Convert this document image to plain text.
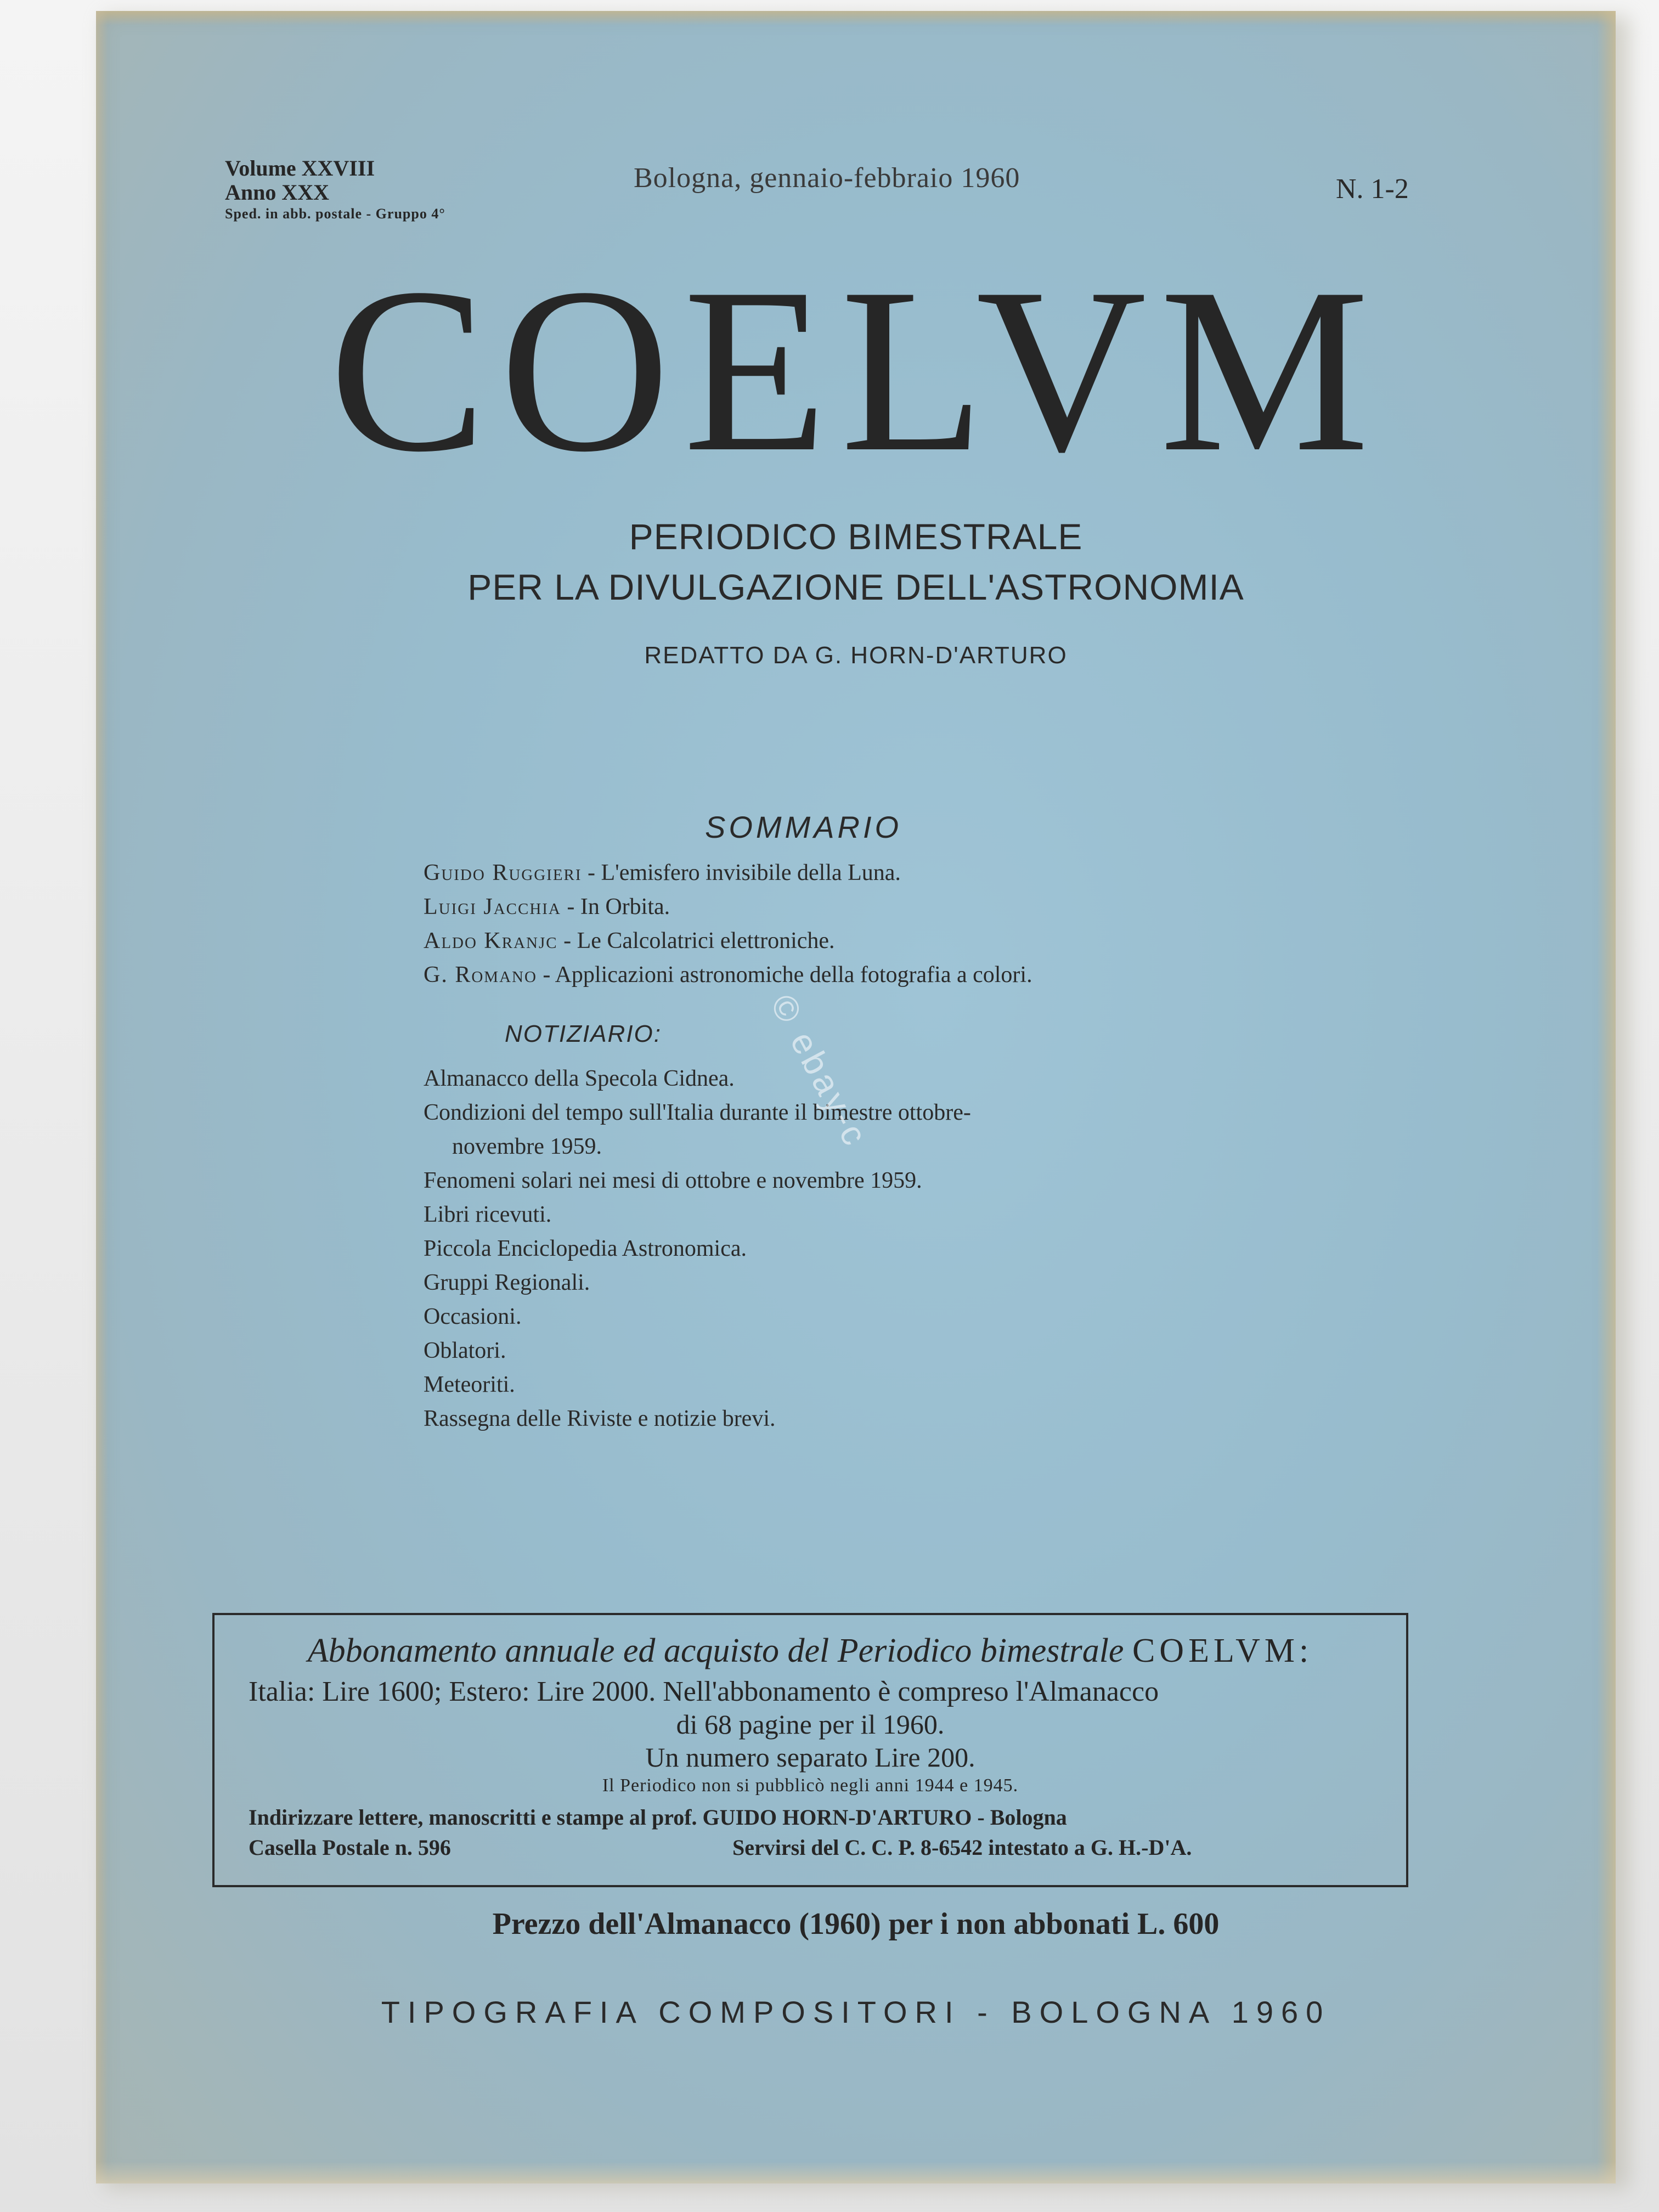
Volume XXVIII
Anno XXX
Sped. in abb. postale - Gruppo 4°
Bologna, gennaio-febbraio 1960	N. 1-2
COELVM
PERIODICO BIMESTRALE
PER LA DIVULGAZIONE DELL'ASTRONOMIA
REDATTO DA G. HORN-D'ARTURO
SOMMARIO
Guido Ruggieri - L'emisfero invisibile della Luna.
Luigi Jacchia - In Orbita.
Aldo Kranjc - Le Calcolatrici elettroniche.
G. Romano - Applicazioni astronomiche della fotografia a colori.
NOTIZIARIO:
Almanacco della Specola Cidnea.
Condizioni del tempo sull'Italia durante il bimestre ottobre-
novembre 1959.
Fenomeni solari nei mesi di ottobre e novembre 1959.
Libri ricevuti.
Piccola Enciclopedia Astronomica.
Gruppi Regionali.
Occasioni.
Oblatori.
Meteoriti.
Rassegna delle Riviste e notizie brevi.
© ebay-c
Abbonamento annuale ed acquisto del Periodico bimestrale COELVM:
Italia: Lire 1600; Estero: Lire 2000. Nell'abbonamento è compreso l'Almanacco
di 68 pagine per il 1960.
Un numero separato Lire 200.
Il Periodico non si pubblicò negli anni 1944 e 1945.
Indirizzare lettere, manoscritti e stampe al prof. GUIDO HORN-D'ARTURO - Bologna
Casella Postale n. 596	Servirsi del C. C. P. 8-6542 intestato a G. H.-D'A.
Prezzo dell'Almanacco (1960) per i non abbonati L. 600
TIPOGRAFIA COMPOSITORI - BOLOGNA 1960
